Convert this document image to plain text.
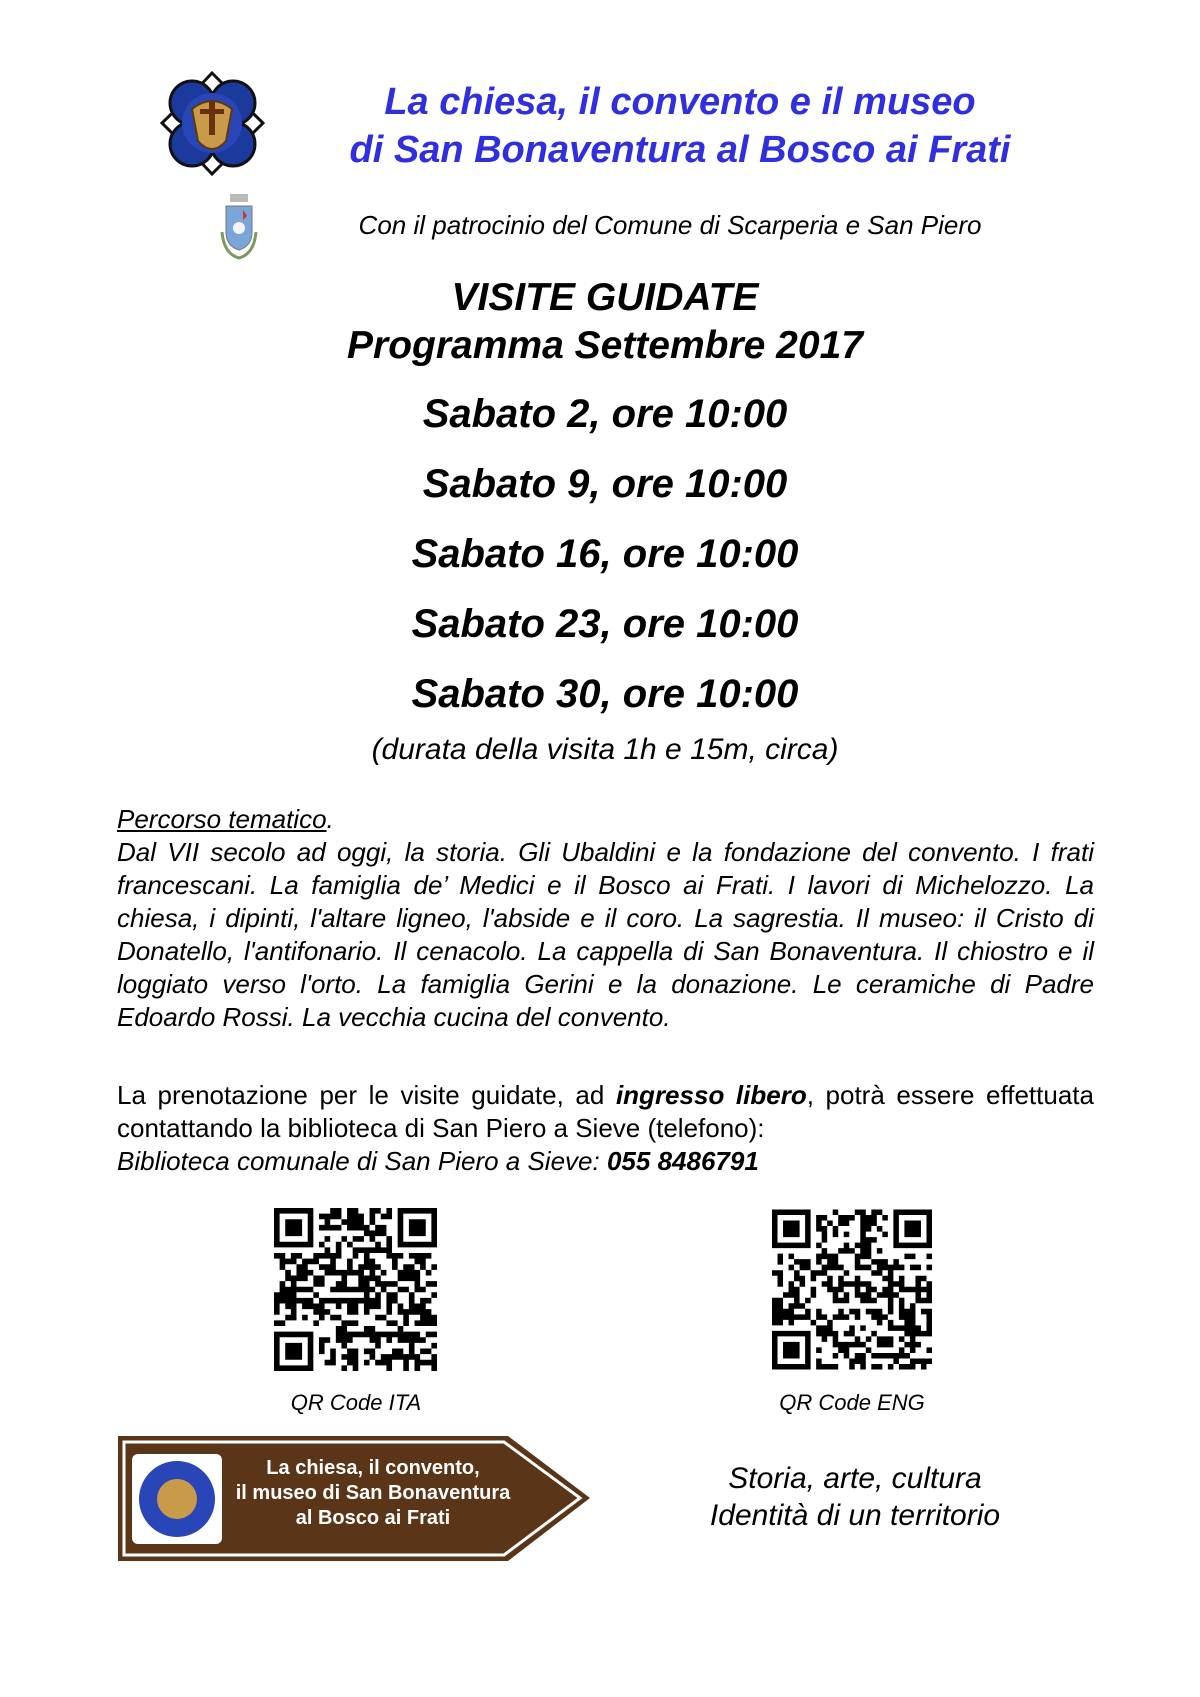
La chiesa, il convento e il museo
di San Bonaventura al Bosco ai Frati
Con il patrocinio del Comune di Scarperia e San Piero
VISITE GUIDATE
Programma Settembre 2017
Sabato 2, ore 10:00
Sabato 9, ore 10:00
Sabato 16, ore 10:00
Sabato 23, ore 10:00
Sabato 30, ore 10:00
(durata della visita 1h e 15m, circa)
Percorso tematico.
Dal VII secolo ad oggi, la storia. Gli Ubaldini e la fondazione del convento. I frati francescani. La famiglia de’ Medici e il Bosco ai Frati. I lavori di Michelozzo. La chiesa, i dipinti, l'altare ligneo, l'abside e il coro. La sagrestia. Il museo: il Cristo di Donatello, l'antifonario. Il cenacolo. La cappella di San Bonaventura. Il chiostro e il loggiato verso l'orto. La famiglia Gerini e la donazione. Le ceramiche di Padre Edoardo Rossi. La vecchia cucina del convento.
La prenotazione per le visite guidate, ad ingresso libero, potrà essere effettuata contattando la biblioteca di San Piero a Sieve (telefono):
Biblioteca comunale di San Piero a Sieve: 055 8486791
QR Code ITA	QR Code ENG
La chiesa, il convento,
il museo di San Bonaventura
al Bosco ai Frati
Storia, arte, cultura
Identità di un territorio
